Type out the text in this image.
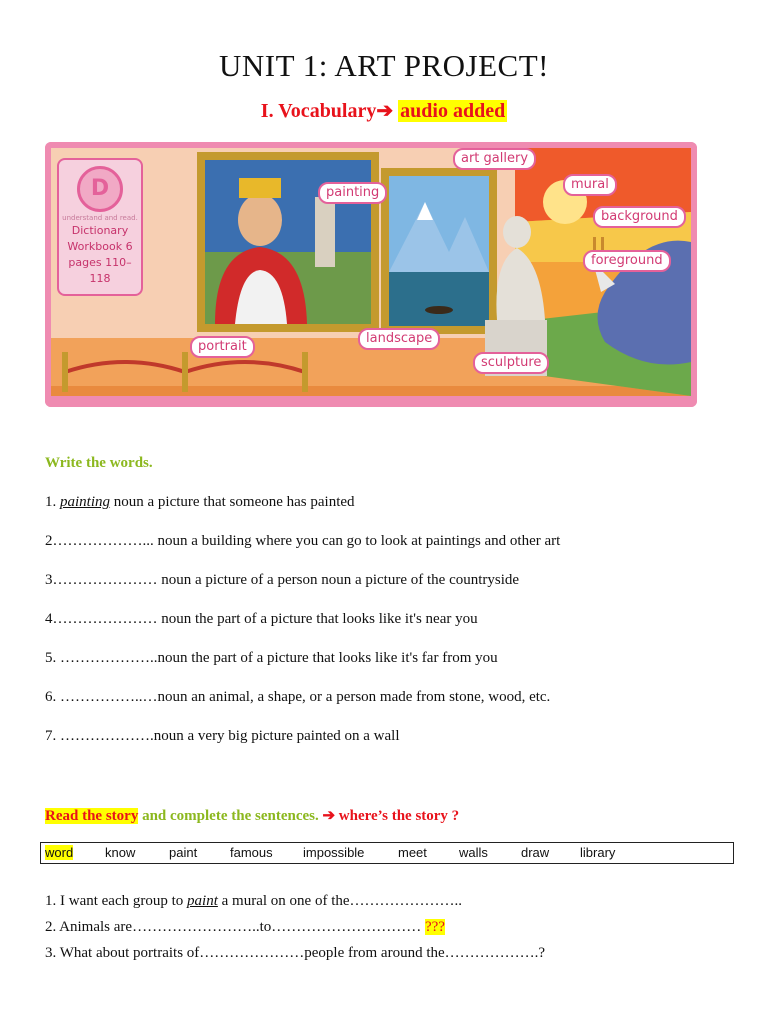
UNIT 1: ART PROJECT!
I. Vocabulary➔ audio added
D
understand and read.
Dictionary
Workbook 6
pages 110–118
art gallery
painting
mural
background
foreground
portrait
landscape
sculpture
Write the words.
1. painting noun a picture that someone has painted
2………………... noun a building where you can go to look at paintings and other art
3………………… noun a picture of a person noun a picture of the countryside
4………………… noun the part of a picture that looks like it's near you
5. ………………..noun the part of a picture that looks like it's far from you
6. ……………..…noun an animal, a shape, or a person made from stone, wood, etc.
7. ……………….noun a very big picture painted on a wall
Read the story and complete the sentences. ➔ where’s the story ?
word know	paint	famous impossible	meet walls	draw library
1. I want each group to paint a mural on one of the…………………..
2. Animals are……………………..to………………………… ???
3. What about portraits of…………………people from around the……………….?
